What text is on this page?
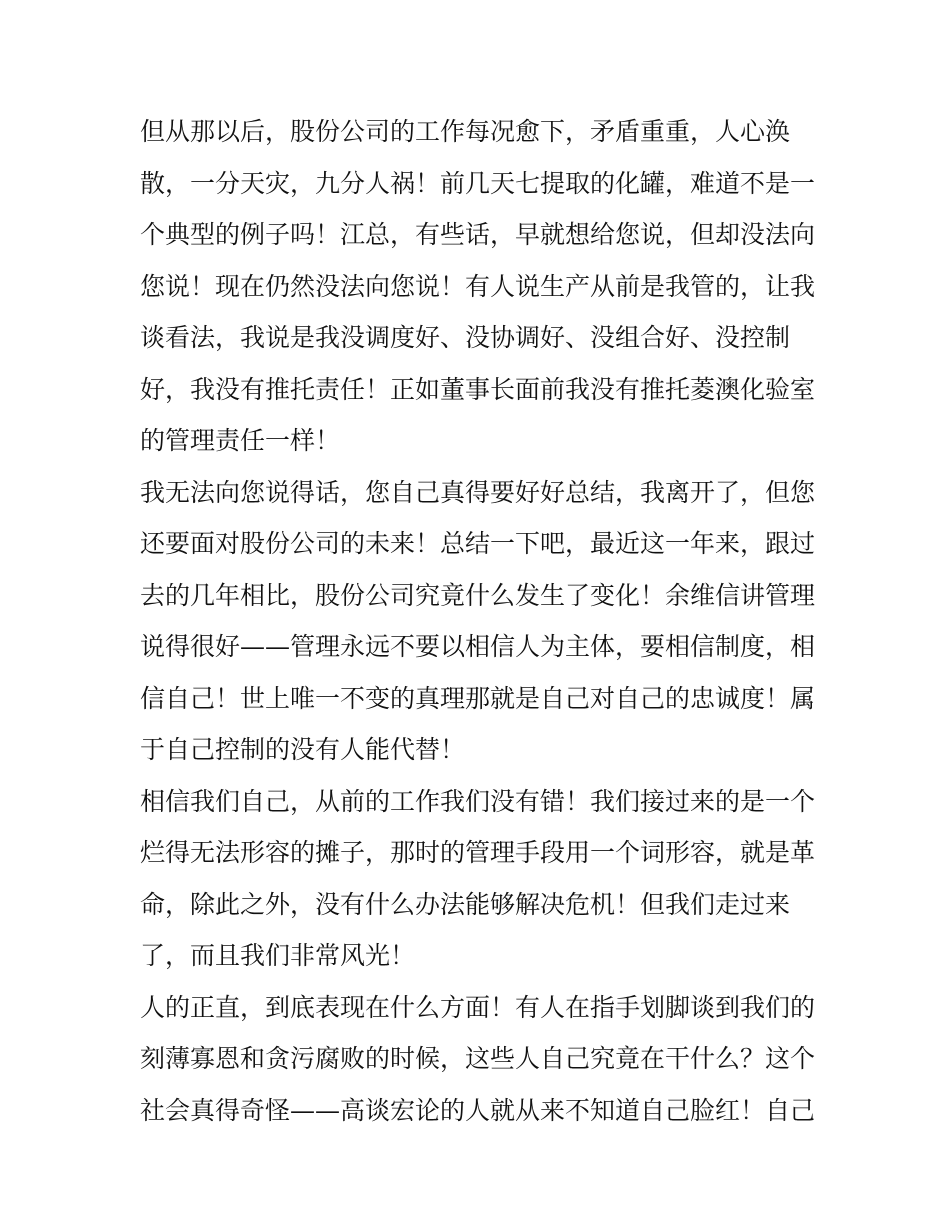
但从那以后，股份公司的工作每况愈下，矛盾重重，人心涣
散，一分天灾，九分人祸！前几天七提取的化罐，难道不是一
个典型的例子吗！江总，有些话，早就想给您说，但却没法向
您说！现在仍然没法向您说！有人说生产从前是我管的，让我
谈看法，我说是我没调度好、没协调好、没组合好、没控制
好，我没有推托责任！正如董事长面前我没有推托菱澳化验室
的管理责任一样！
我无法向您说得话，您自己真得要好好总结，我离开了，但您
还要面对股份公司的未来！总结一下吧，最近这一年来，跟过
去的几年相比，股份公司究竟什么发生了变化！余维信讲管理
说得很好——管理永远不要以相信人为主体，要相信制度，相
信自己！世上唯一不变的真理那就是自己对自己的忠诚度！属
于自己控制的没有人能代替！
相信我们自己，从前的工作我们没有错！我们接过来的是一个
烂得无法形容的摊子，那时的管理手段用一个词形容，就是革
命，除此之外，没有什么办法能够解决危机！但我们走过来
了，而且我们非常风光！
人的正直，到底表现在什么方面！有人在指手划脚谈到我们的
刻薄寡恩和贪污腐败的时候，这些人自己究竟在干什么？这个
社会真得奇怪——高谈宏论的人就从来不知道自己脸红！自己
